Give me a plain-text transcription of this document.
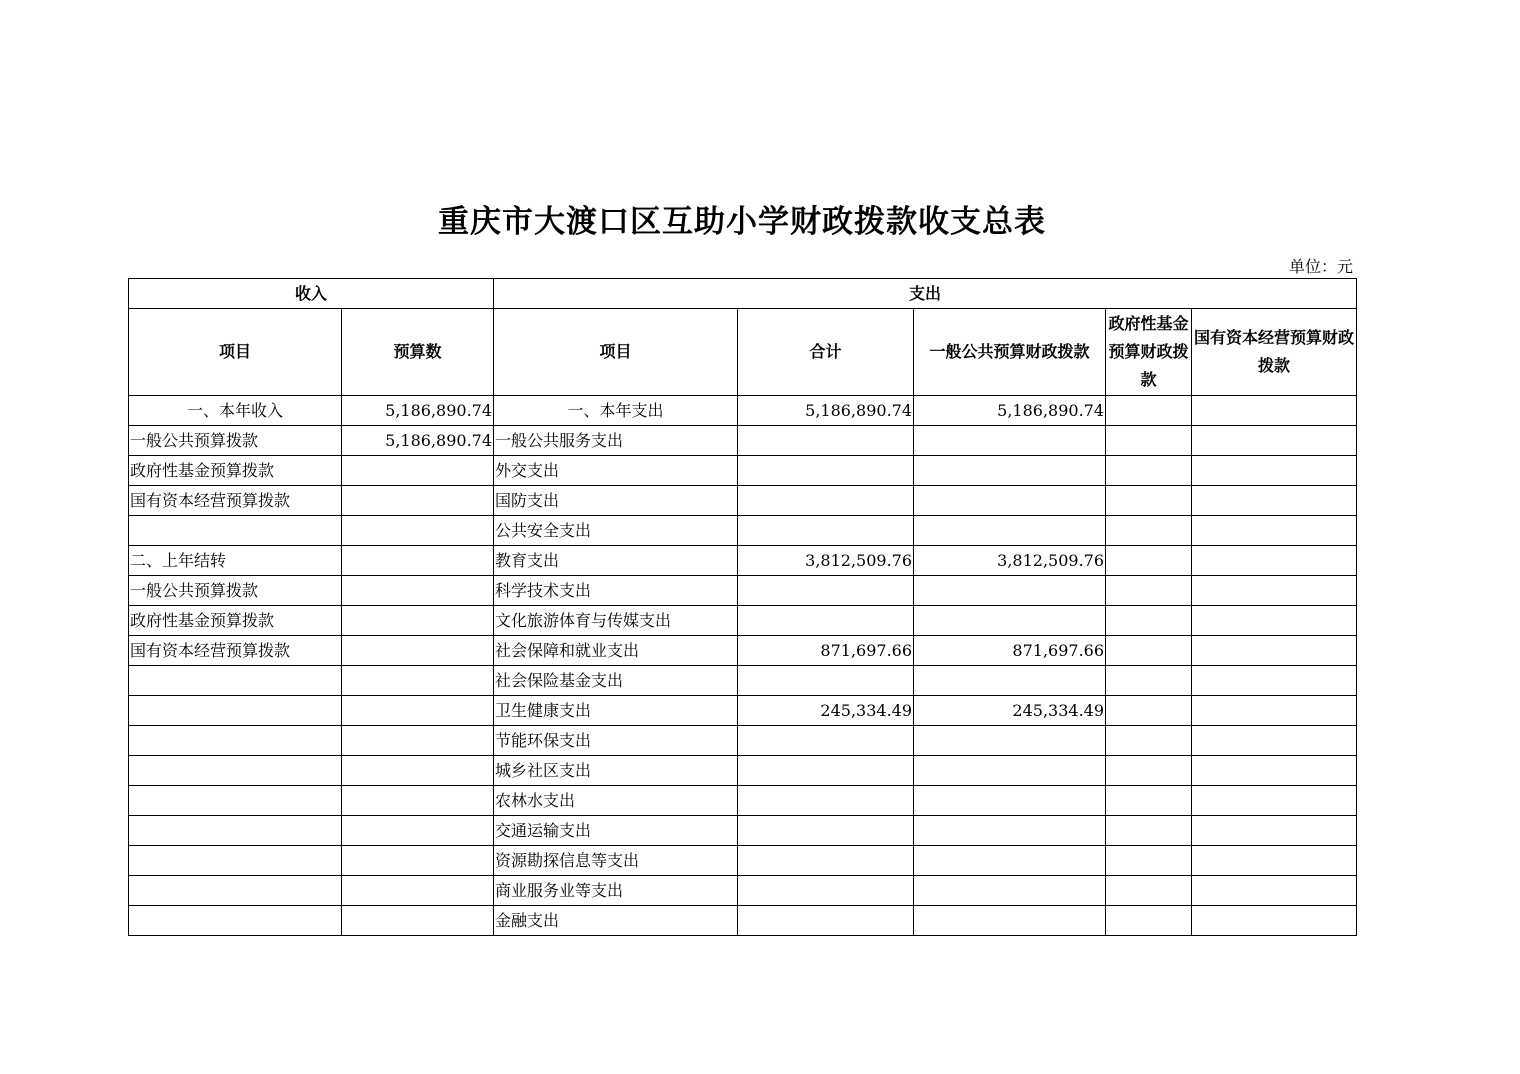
重庆市大渡口区互助小学财政拨款收支总表
单位：元
收入		支出				
项目	预算数	项目	合计	一般公共预算财政拨款	政府性基金预算财政拨款	国有资本经营预算财政拨款
一、本年收入	5,186,890.74	一、本年支出	5,186,890.74	5,186,890.74		
一般公共预算拨款	5,186,890.74	一般公共服务支出				
政府性基金预算拨款		外交支出				
国有资本经营预算拨款		国防支出				
		公共安全支出				
二、上年结转		教育支出	3,812,509.76	3,812,509.76		
一般公共预算拨款		科学技术支出				
政府性基金预算拨款		文化旅游体育与传媒支出				
国有资本经营预算拨款		社会保障和就业支出	871,697.66	871,697.66		
		社会保险基金支出				
		卫生健康支出	245,334.49	245,334.49		
		节能环保支出				
		城乡社区支出				
		农林水支出				
		交通运输支出				
		资源勘探信息等支出				
		商业服务业等支出				
		金融支出				
